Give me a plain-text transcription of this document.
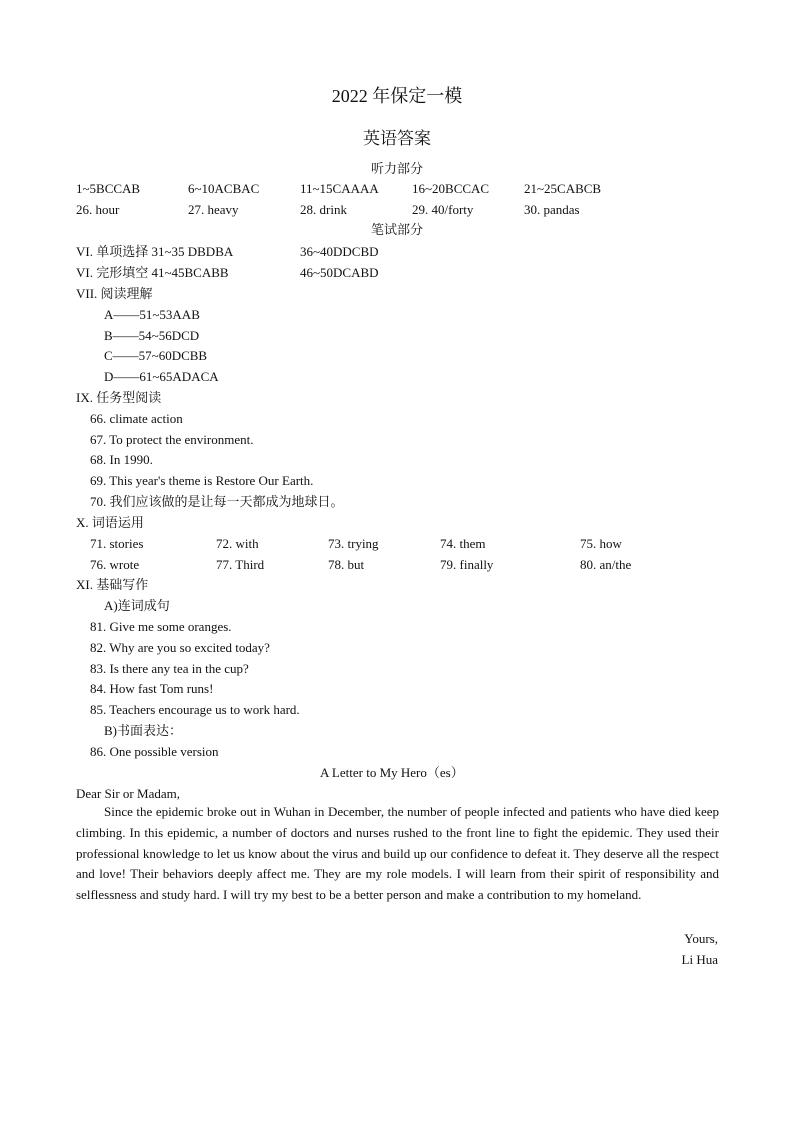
2022 年保定一模
英语答案
听力部分
1~5BCCAB	6~10ACBAC	11~15CAAAA	16~20BCCAC	21~25CABCB
26. hour	27. heavy	28. drink	29. 40/forty	30. pandas
笔试部分
VI. 单项选择 31~35 DBDBA	36~40DDCBD
VI. 完形填空 41~45BCABB	46~50DCABD
VII. 阅读理解
A——51~53AAB
B——54~56DCD
C——57~60DCBB
D——61~65ADACA
IX. 任务型阅读
66. climate action
67. To protect the environment.
68. In 1990.
69. This year's theme is Restore Our Earth.
70. 我们应该做的是让每一天都成为地球日。
X. 词语运用
71. stories	72. with	73. trying	74. them	75. how
76. wrote	77. Third	78. but	79. finally	80. an/the
XI. 基础写作
A)连词成句
81. Give me some oranges.
82. Why are you so excited today?
83. Is there any tea in the cup?
84. How fast Tom runs!
85. Teachers encourage us to work hard.
B)书面表达：
86. One possible version
A Letter to My Hero（es）
Dear Sir or Madam,
Since the epidemic broke out in Wuhan in December, the number of people infected and patients who have died keep climbing. In this epidemic, a number of doctors and nurses rushed to the front line to fight the epidemic. They used their professional knowledge to let us know about the virus and build up our confidence to defeat it. They deserve all the respect and love! Their behaviors deeply affect me. They are my role models. I will learn from their spirit of responsibility and selflessness and study hard. I will try my best to be a better person and make a contribution to my homeland.
Yours,
Li Hua
